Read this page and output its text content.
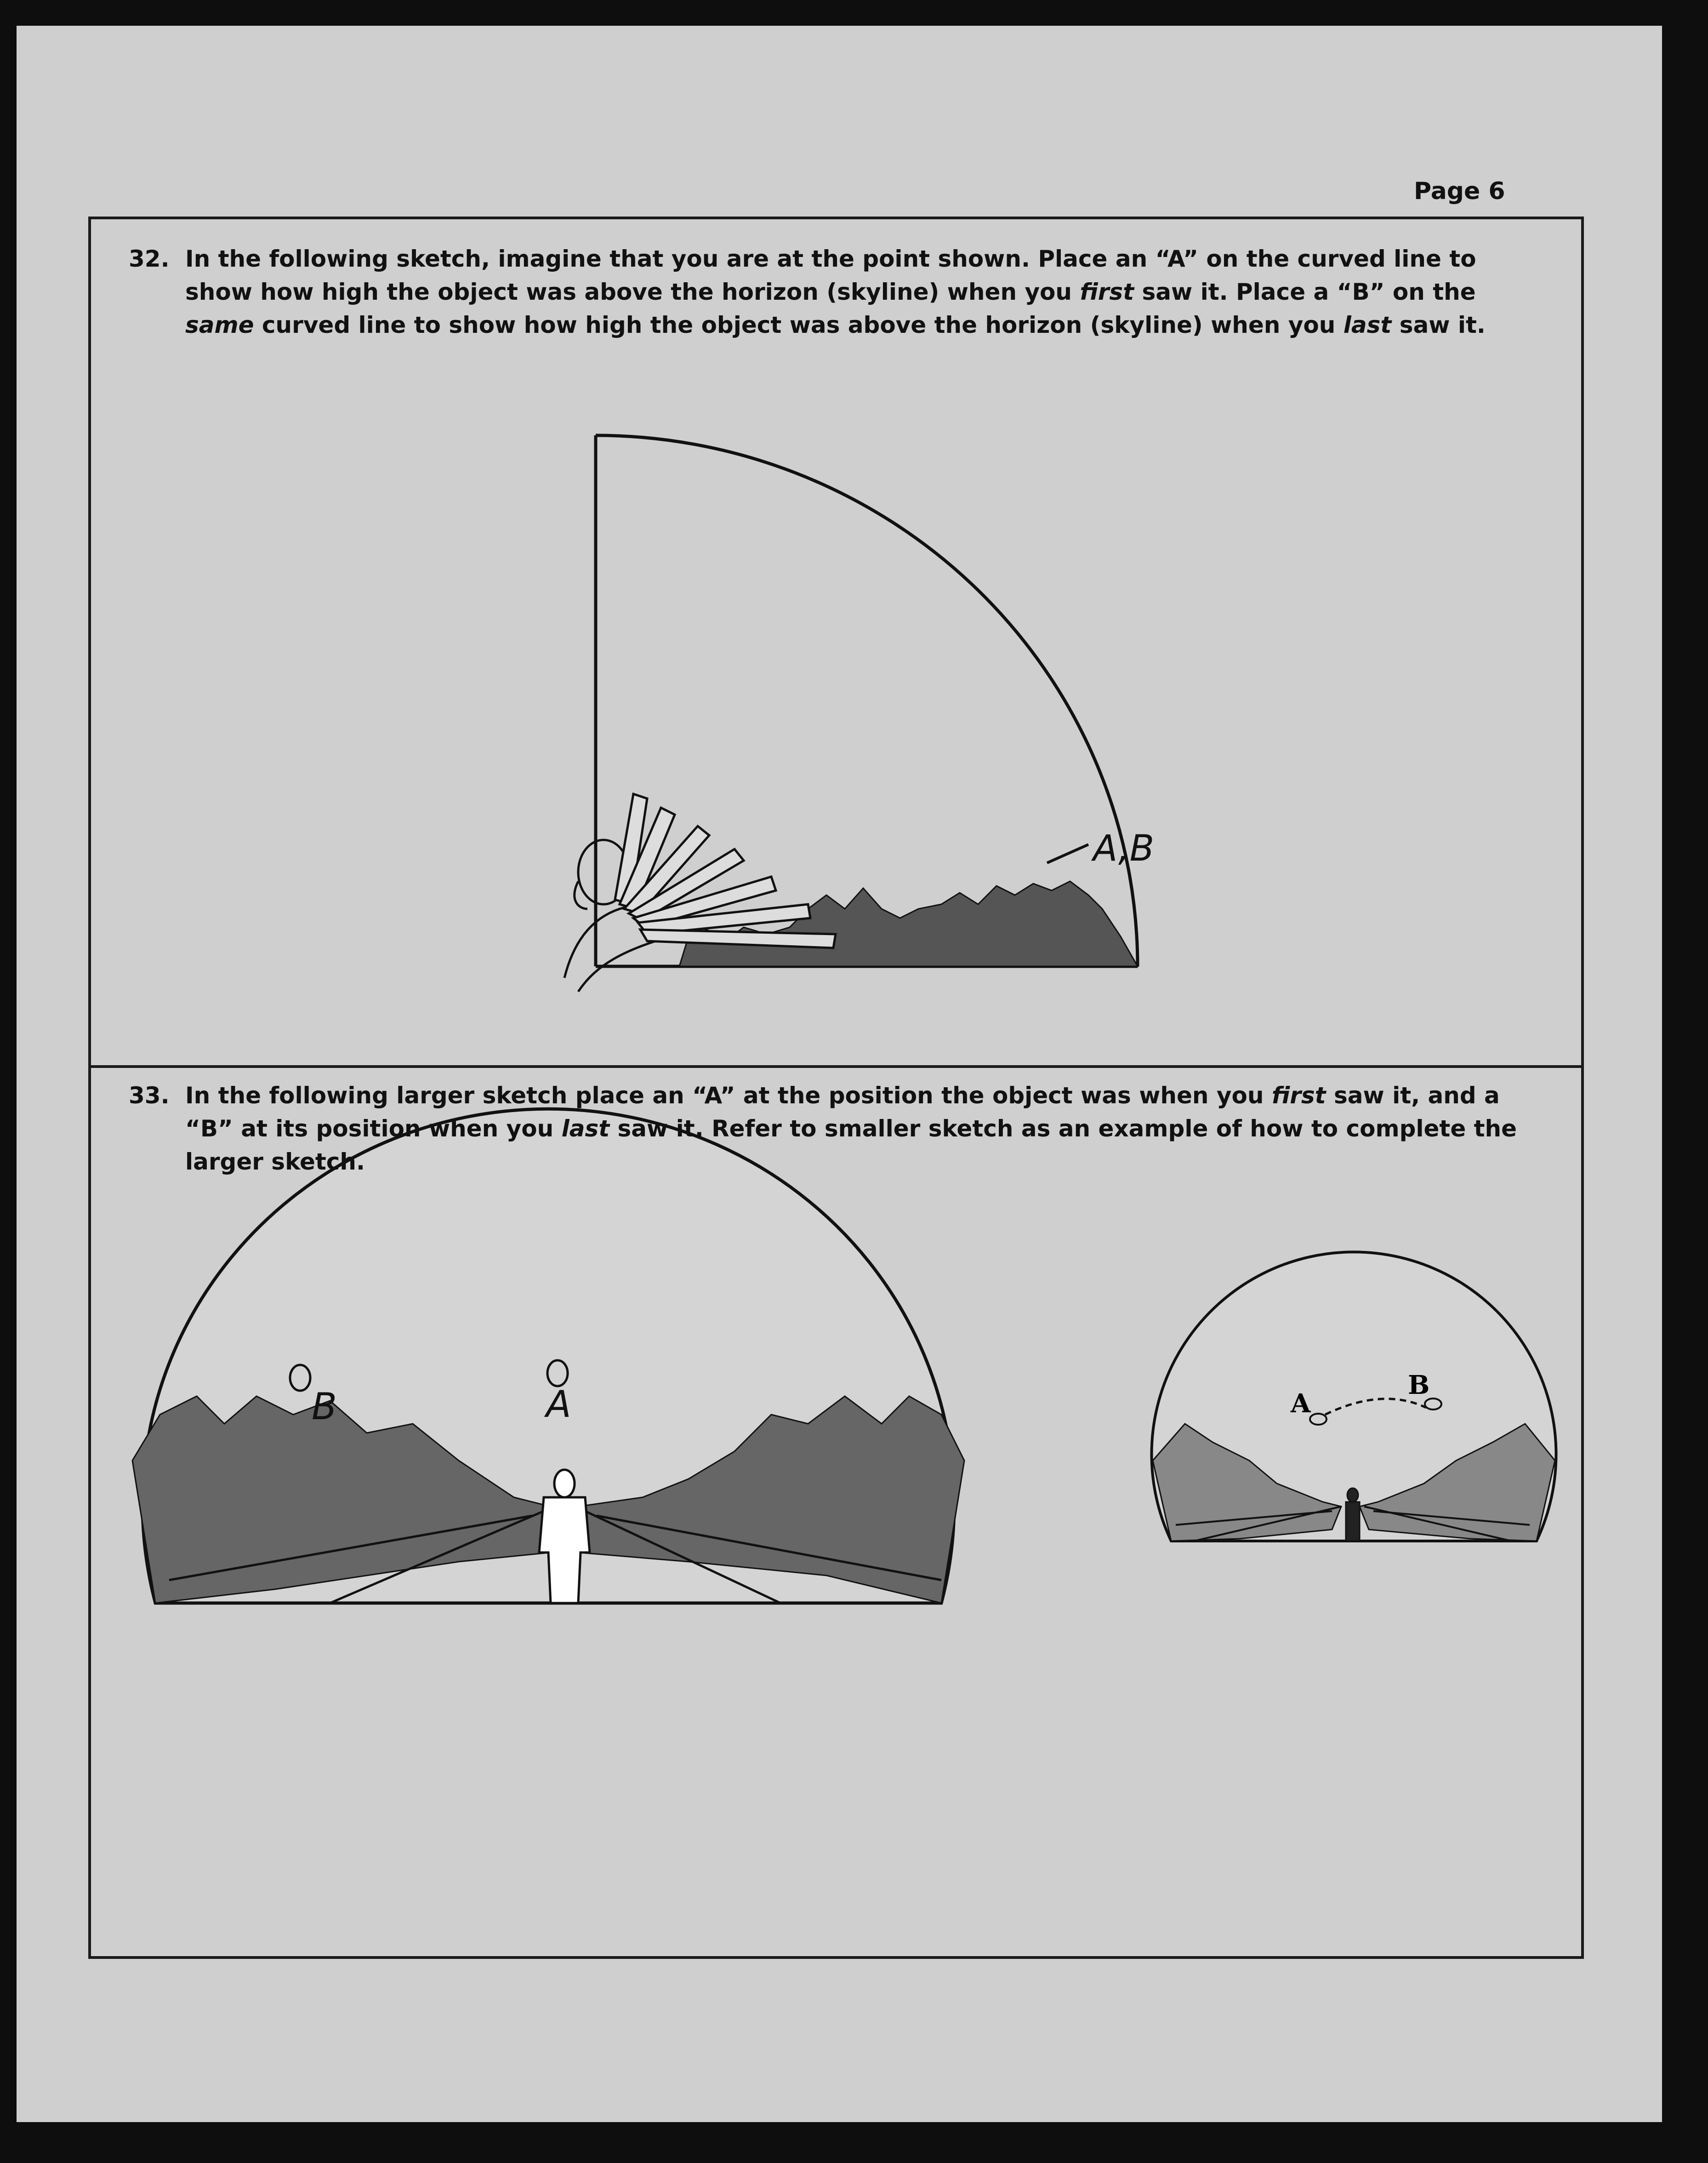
Page 6
32. In the following sketch, imagine that you are at the point shown. Place an “A” on the curved line to show how high the object was above the horizon (skyline) when you first saw it. Place a “B” on the same curved line to show how high the object was above the horizon (skyline) when you last saw it.
A,B
B	A	A
B
33. In the following larger sketch place an “A” at the position the object was when you first saw it, and a “B” at its position when you last saw it. Refer to smaller sketch as an example of how to complete the larger sketch.
